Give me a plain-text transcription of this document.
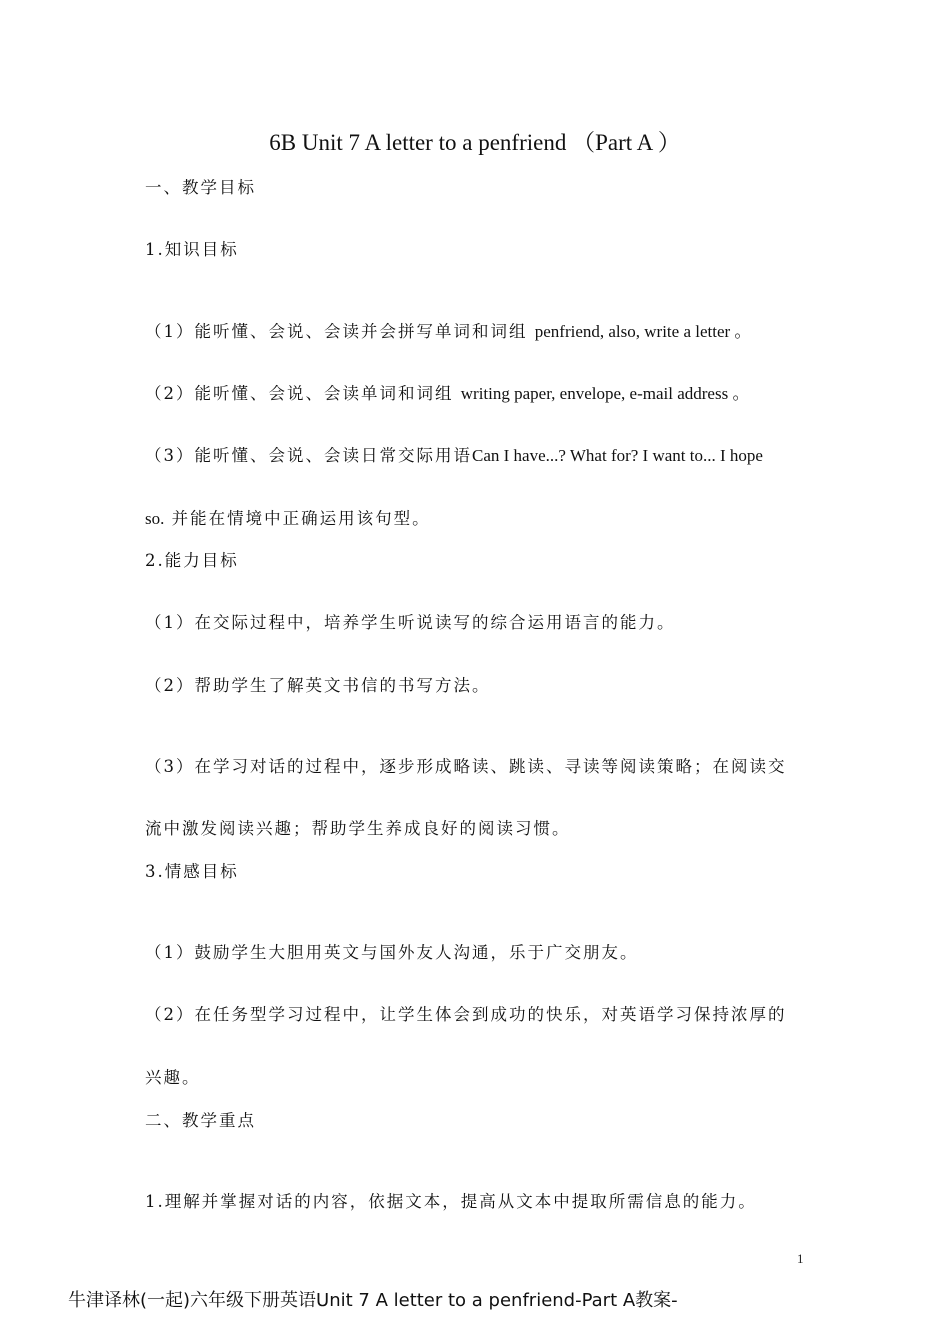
6B Unit 7 A letter to a penfriend （Part A ）
一、教学目标
1.知识目标
（1）能听懂、会说、会读并会拼写单词和词组 penfriend, also, write a letter 。
（2）能听懂、会说、会读单词和词组 writing paper, envelope, e-mail address 。
（3）能听懂、会说、会读日常交际用语Can I have...? What for? I want to... I hope
so. 并能在情境中正确运用该句型。
2.能力目标
（1）在交际过程中，培养学生听说读写的综合运用语言的能力。
（2）帮助学生了解英文书信的书写方法。
（3）在学习对话的过程中，逐步形成略读、跳读、寻读等阅读策略；在阅读交
流中激发阅读兴趣；帮助学生养成良好的阅读习惯。
3.情感目标
（1）鼓励学生大胆用英文与国外友人沟通，乐于广交朋友。
（2）在任务型学习过程中，让学生体会到成功的快乐，对英语学习保持浓厚的
兴趣。
二、教学重点
1.理解并掌握对话的内容，依据文本，提高从文本中提取所需信息的能力。
1
牛津译林(一起)六年级下册英语Unit 7 A letter to a penfriend-Part A教案-
